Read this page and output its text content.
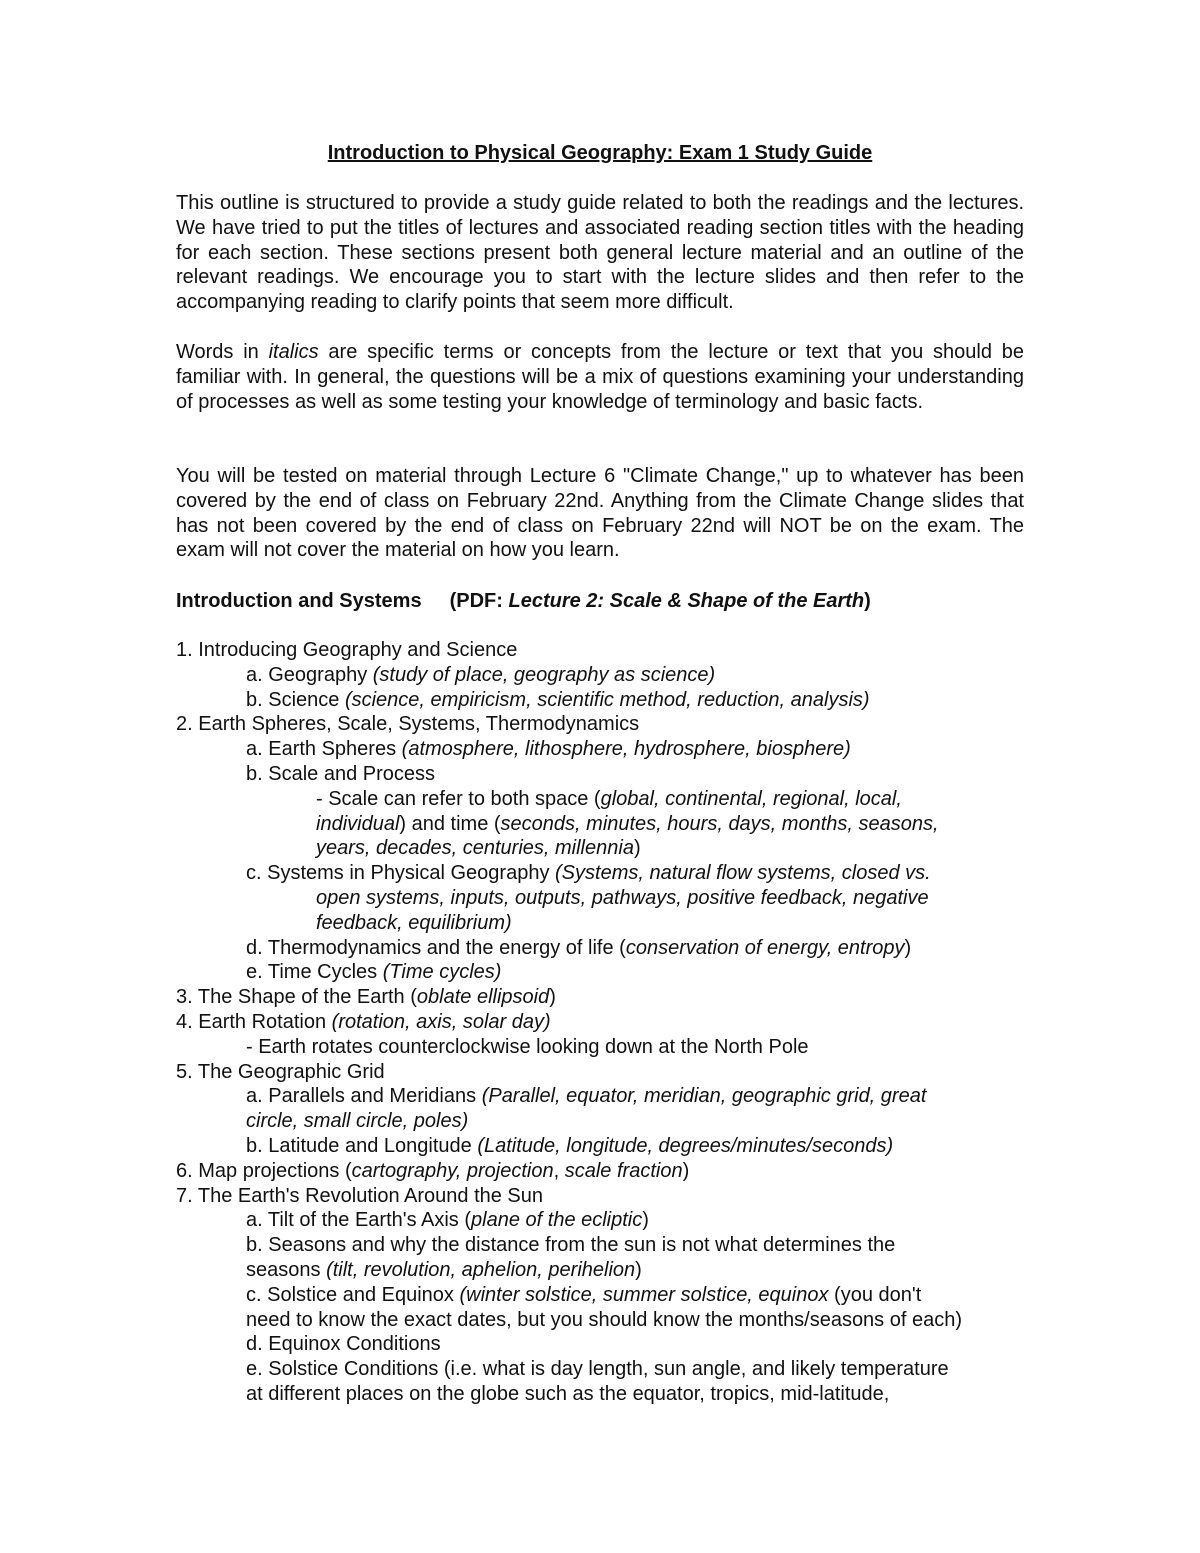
Introduction to Physical Geography: Exam 1 Study Guide

This outline is structured to provide a study guide related to both the readings and the lectures. We have tried to put the titles of lectures and associated reading section titles with the heading for each section. These sections present both general lecture material and an outline of the relevant readings. We encourage you to start with the lecture slides and then refer to the accompanying reading to clarify points that seem more difficult.

Words in italics are specific terms or concepts from the lecture or text that you should be familiar with. In general, the questions will be a mix of questions examining your understanding of processes as well as some testing your knowledge of terminology and basic facts.

You will be tested on material through Lecture 6 "Climate Change," up to whatever has been covered by the end of class on February 22nd. Anything from the Climate Change slides that has not been covered by the end of class on February 22nd will NOT be on the exam. The exam will not cover the material on how you learn.

Introduction and Systems (PDF: Lecture 2: Scale & Shape of the Earth)
1. Introducing Geography and Science
a. Geography (study of place, geography as science)
b. Science (science, empiricism, scientific method, reduction, analysis)
2. Earth Spheres, Scale, Systems, Thermodynamics
a. Earth Spheres (atmosphere, lithosphere, hydrosphere, biosphere)
b. Scale and Process
- Scale can refer to both space (global, continental, regional, local,
individual) and time (seconds, minutes, hours, days, months, seasons,
years, decades, centuries, millennia)
c. Systems in Physical Geography (Systems, natural flow systems, closed vs.
open systems, inputs, outputs, pathways, positive feedback, negative
feedback, equilibrium)
d. Thermodynamics and the energy of life (conservation of energy, entropy)
e. Time Cycles (Time cycles)
3. The Shape of the Earth (oblate ellipsoid)
4. Earth Rotation (rotation, axis, solar day)
- Earth rotates counterclockwise looking down at the North Pole
5. The Geographic Grid
a. Parallels and Meridians (Parallel, equator, meridian, geographic grid, great
circle, small circle, poles)
b. Latitude and Longitude (Latitude, longitude, degrees/minutes/seconds)
6. Map projections (cartography, projection, scale fraction)
7. The Earth's Revolution Around the Sun
a. Tilt of the Earth's Axis (plane of the ecliptic)
b. Seasons and why the distance from the sun is not what determines the
seasons (tilt, revolution, aphelion, perihelion)
c. Solstice and Equinox (winter solstice, summer solstice, equinox (you don't
need to know the exact dates, but you should know the months/seasons of each)
d. Equinox Conditions
e. Solstice Conditions (i.e. what is day length, sun angle, and likely temperature
at different places on the globe such as the equator, tropics, mid-latitude,
